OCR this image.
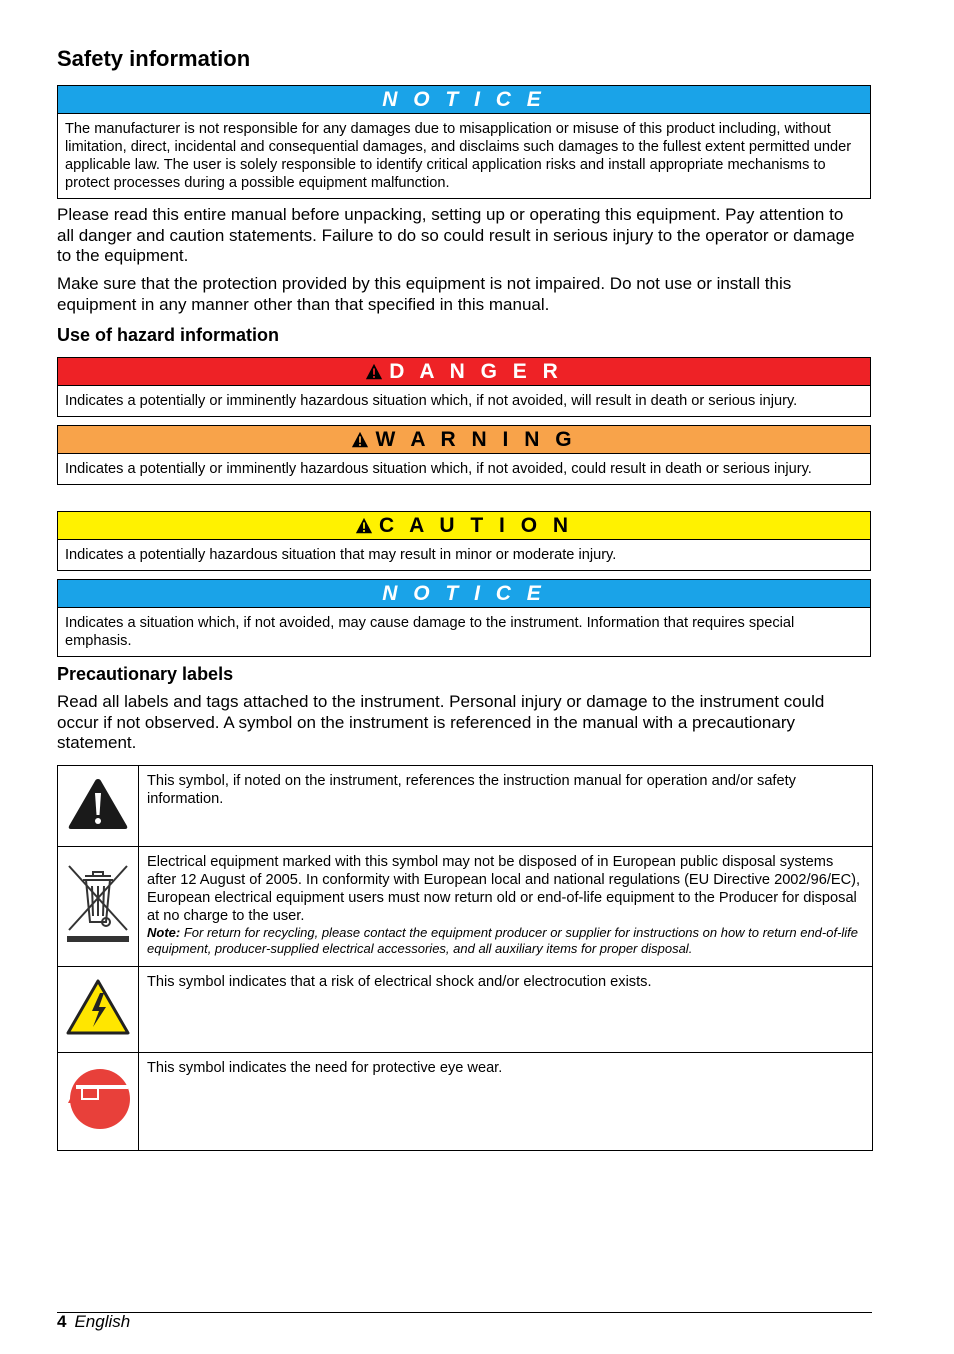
Safety information
N O T I C E
The manufacturer is not responsible for any damages due to misapplication or misuse of this product including, without limitation, direct, incidental and consequential damages, and disclaims such damages to the fullest extent permitted under applicable law. The user is solely responsible to identify critical application risks and install appropriate mechanisms to protect processes during a possible equipment malfunction.

Please read this entire manual before unpacking, setting up or operating this equipment. Pay attention to all danger and caution statements. Failure to do so could result in serious injury to the operator or damage to the equipment.

Make sure that the protection provided by this equipment is not impaired. Do not use or install this equipment in any manner other than that specified in this manual.

Use of hazard information
D A N G E R
Indicates a potentially or imminently hazardous situation which, if not avoided, will result in death or serious injury.
W A R N I N G
Indicates a potentially or imminently hazardous situation which, if not avoided, could result in death or serious injury.
C A U T I O N
Indicates a potentially hazardous situation that may result in minor or moderate injury.
N O T I C E
Indicates a situation which, if not avoided, may cause damage to the instrument. Information that requires special emphasis.
Precautionary labels

Read all labels and tags attached to the instrument. Personal injury or damage to the instrument could occur if not observed. A symbol on the instrument is referenced in the manual with a precautionary statement.

	This symbol, if noted on the instrument, references the instruction manual for operation and/or safety information.

Electrical equipment marked with this symbol may not be disposed of in European public disposal systems after 12 August of 2005. In conformity with European local and national regulations (EU Directive 2002/96/EC), European electrical equipment users must now return old or end-of-life equipment to the Producer for disposal at no charge to the user.
Note: For return for recycling, please contact the equipment producer or supplier for instructions on how to return end-of-life equipment, producer-supplied electrical accessories, and all auxiliary items for proper disposal.

	This symbol indicates that a risk of electrical shock and/or electrocution exists.
	This symbol indicates the need for protective eye wear.
4 English
